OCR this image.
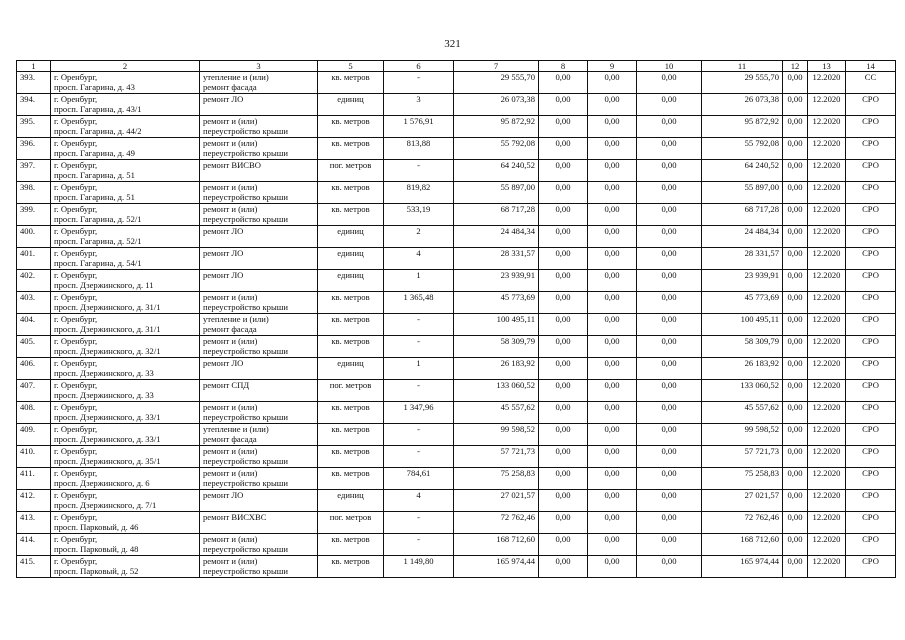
321
1	2	3	5	6	7	8	9	10	11	12	13	14

393.	г. Оренбург,
просп. Гагарина, д. 43	утепление и (или)
ремонт фасада	кв. метров	-	29 555,70	0,00	0,00	0,00	29 555,70	0,00	12.2020	СС

394.	г. Оренбург,
просп. Гагарина, д. 43/1	ремонт ЛО	единиц	3	26 073,38	0,00	0,00	0,00	26 073,38	0,00	12.2020	СРО

395.	г. Оренбург,
просп. Гагарина, д. 44/2	ремонт и (или)
переустройство крыши	кв. метров	1 576,91	95 872,92	0,00	0,00	0,00	95 872,92	0,00	12.2020	СРО

396.	г. Оренбург,
просп. Гагарина, д. 49	ремонт и (или)
переустройство крыши	кв. метров	813,88	55 792,08	0,00	0,00	0,00	55 792,08	0,00	12.2020	СРО

397.	г. Оренбург,
просп. Гагарина, д. 51	ремонт ВИСВО	пог. метров	-	64 240,52	0,00	0,00	0,00	64 240,52	0,00	12.2020	СРО

398.	г. Оренбург,
просп. Гагарина, д. 51	ремонт и (или)
переустройство крыши	кв. метров	819,82	55 897,00	0,00	0,00	0,00	55 897,00	0,00	12.2020	СРО

399.	г. Оренбург,
просп. Гагарина, д. 52/1	ремонт и (или)
переустройство крыши	кв. метров	533,19	68 717,28	0,00	0,00	0,00	68 717,28	0,00	12.2020	СРО

400.	г. Оренбург,
просп. Гагарина, д. 52/1	ремонт ЛО	единиц	2	24 484,34	0,00	0,00	0,00	24 484,34	0,00	12.2020	СРО

401.	г. Оренбург,
просп. Гагарина, д. 54/1	ремонт ЛО	единиц	4	28 331,57	0,00	0,00	0,00	28 331,57	0,00	12.2020	СРО

402.	г. Оренбург,
просп. Дзержинского, д. 11	ремонт ЛО	единиц	1	23 939,91	0,00	0,00	0,00	23 939,91	0,00	12.2020	СРО

403.	г. Оренбург,
просп. Дзержинского, д. 31/1	ремонт и (или)
переустройство крыши	кв. метров	1 365,48	45 773,69	0,00	0,00	0,00	45 773,69	0,00	12.2020	СРО

404.	г. Оренбург,
просп. Дзержинского, д. 31/1	утепление и (или)
ремонт фасада	кв. метров	-	100 495,11	0,00	0,00	0,00	100 495,11	0,00	12.2020	СРО

405.	г. Оренбург,
просп. Дзержинского, д. 32/1	ремонт и (или)
переустройство крыши	кв. метров	-	58 309,79	0,00	0,00	0,00	58 309,79	0,00	12.2020	СРО

406.	г. Оренбург,
просп. Дзержинского, д. 33	ремонт ЛО	единиц	1	26 183,92	0,00	0,00	0,00	26 183,92	0,00	12.2020	СРО

407.	г. Оренбург,
просп. Дзержинского, д. 33	ремонт СПД	пог. метров	-	133 060,52	0,00	0,00	0,00	133 060,52	0,00	12.2020	СРО

408.	г. Оренбург,
просп. Дзержинского, д. 33/1	ремонт и (или)
переустройство крыши	кв. метров	1 347,96	45 557,62	0,00	0,00	0,00	45 557,62	0,00	12.2020	СРО

409.	г. Оренбург,
просп. Дзержинского, д. 33/1	утепление и (или)
ремонт фасада	кв. метров	-	99 598,52	0,00	0,00	0,00	99 598,52	0,00	12.2020	СРО

410.	г. Оренбург,
просп. Дзержинского, д. 35/1	ремонт и (или)
переустройство крыши	кв. метров	-	57 721,73	0,00	0,00	0,00	57 721,73	0,00	12.2020	СРО

411.	г. Оренбург,
просп. Дзержинского, д. 6	ремонт и (или)
переустройство крыши	кв. метров	784,61	75 258,83	0,00	0,00	0,00	75 258,83	0,00	12.2020	СРО

412.	г. Оренбург,
просп. Дзержинского, д. 7/1	ремонт ЛО	единиц	4	27 021,57	0,00	0,00	0,00	27 021,57	0,00	12.2020	СРО

413.	г. Оренбург,
просп. Парковый, д. 46	ремонт ВИСХВС	пог. метров	-	72 762,46	0,00	0,00	0,00	72 762,46	0,00	12.2020	СРО

414.	г. Оренбург,
просп. Парковый, д. 48	ремонт и (или)
переустройство крыши	кв. метров	-	168 712,60	0,00	0,00	0,00	168 712,60	0,00	12.2020	СРО

415.	г. Оренбург,
просп. Парковый, д. 52	ремонт и (или)
переустройство крыши	кв. метров	1 149,80	165 974,44	0,00	0,00	0,00	165 974,44	0,00	12.2020	СРО
